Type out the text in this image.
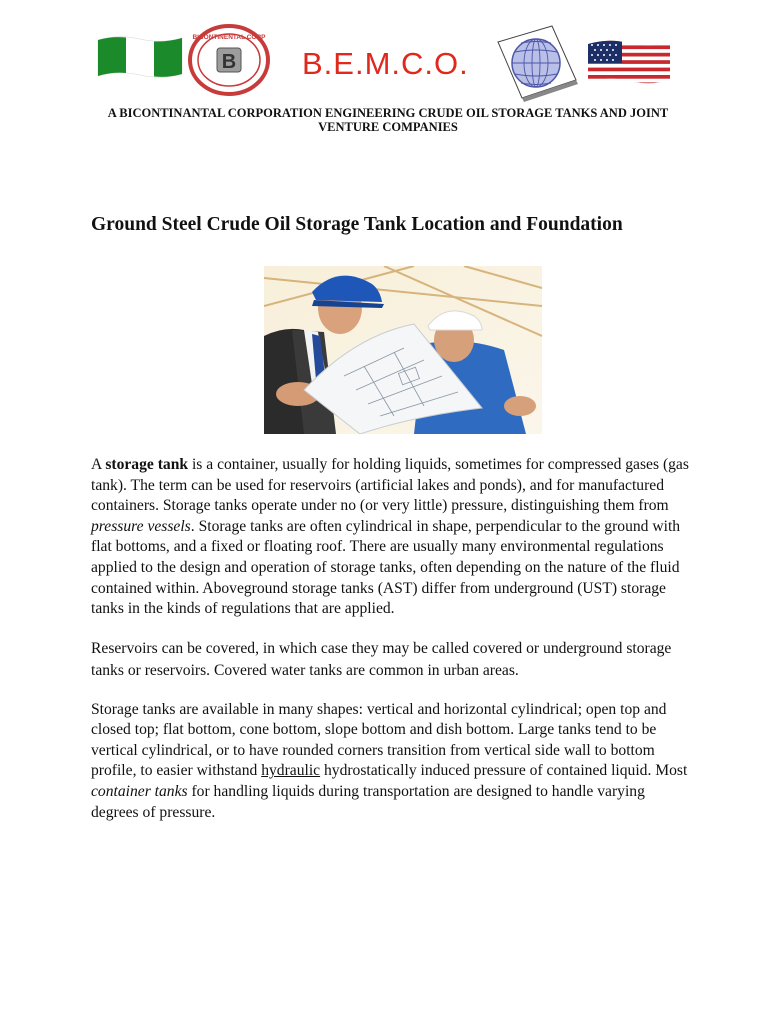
B
BICONTINENTAL CORP
B.E.M.C.O.
A BICONTINANTAL CORPORATION ENGINEERING CRUDE OIL STORAGE TANKS AND JOINT VENTURE COMPANIES
Ground Steel Crude Oil Storage Tank Location and Foundation

A storage tank is a container, usually for holding liquids, sometimes for compressed gases (gas tank). The term can be used for reservoirs (artificial lakes and ponds), and for manufactured containers. Storage tanks operate under no (or very little) pressure, distinguishing them from pressure vessels. Storage tanks are often cylindrical in shape, perpendicular to the ground with flat bottoms, and a fixed or floating roof. There are usually many environmental regulations applied to the design and operation of storage tanks, often depending on the nature of the fluid contained within. Aboveground storage tanks (AST) differ from underground (UST) storage tanks in the kinds of regulations that are applied.

Reservoirs can be covered, in which case they may be called covered or underground storage tanks or reservoirs. Covered water tanks are common in urban areas.

Storage tanks are available in many shapes: vertical and horizontal cylindrical; open top and closed top; flat bottom, cone bottom, slope bottom and dish bottom. Large tanks tend to be vertical cylindrical, or to have rounded corners transition from vertical side wall to bottom profile, to easier withstand hydraulic hydrostatically induced pressure of contained liquid. Most container tanks for handling liquids during transportation are designed to handle varying degrees of pressure.
